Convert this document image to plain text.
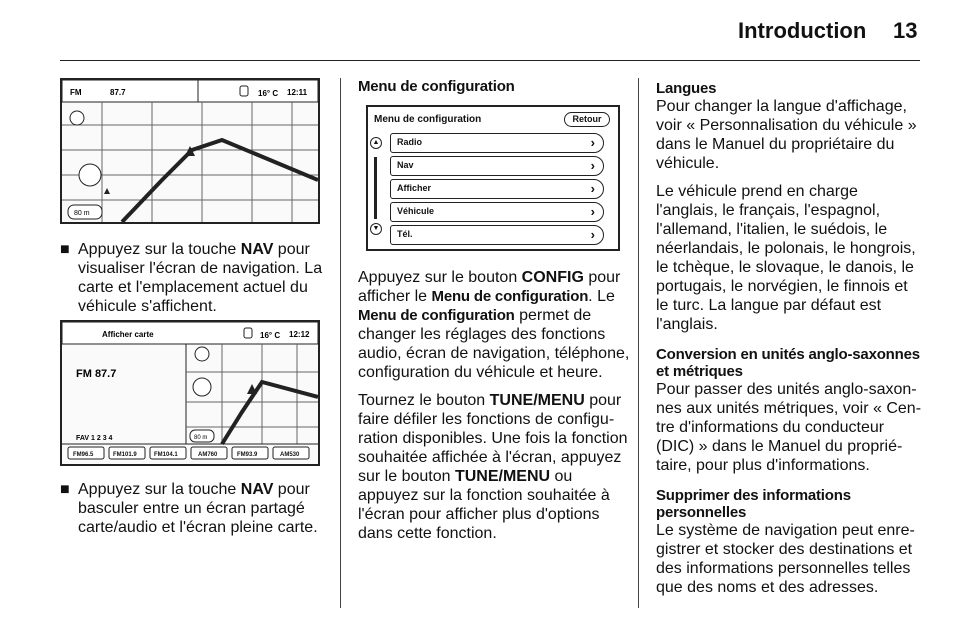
Introduction 13
FM	87.7	16° C 12:11
80 m

■ Appuyez sur la touche NAV pour visualiser l'écran de navigation. La carte et l'emplacement actuel du véhicule s'affichent.

Afficher carte	16° C 12:12
FM 87.7
FAV 1 2 3 4	80 m
FM96.5	FM101.9	FM104.1	AM760	FM93.9	AM530

■ Appuyez sur la touche NAV pour basculer entre un écran partagé carte/audio et l'écran pleine carte.

Menu de configuration

Menu de configuration	Retour
▲
▼
Radio	›
Nav	›
Afficher	›
Véhicule	›
Tél.	›

Appuyez sur le bouton CONFIG pour afficher le Menu de configuration. Le Menu de configuration permet de changer les réglages des fonctions audio, écran de navigation, téléphone, configuration du véhicule et heure.

Tournez le bouton TUNE/MENU pour faire défiler les fonctions de configuration disponibles. Une fois la fonction souhaitée affichée à l'écran, appuyez sur le bouton TUNE/MENU ou appuyez sur la fonction souhaitée à l'écran pour afficher plus d'options dans cette fonction.

Langues

Pour changer la langue d'affichage, voir « Personnalisation du véhicule » dans le Manuel du propriétaire du véhicule.

Le véhicule prend en charge l'anglais, le français, l'espagnol, l'allemand, l'italien, le suédois, le néerlandais, le polonais, le hongrois, le tchèque, le slovaque, le danois, le portugais, le norvégien, le finnois et le turc. La langue par défaut est l'anglais.

Conversion en unités anglo-saxonnes et métriques

Pour passer des unités anglo-saxonnes aux unités métriques, voir « Centre d'informations du conducteur (DIC) » dans le Manuel du propriétaire, pour plus d'informations.

Supprimer des informations personnelles

Le système de navigation peut enregistrer et stocker des destinations et des informations personnelles telles que des noms et des adresses.
